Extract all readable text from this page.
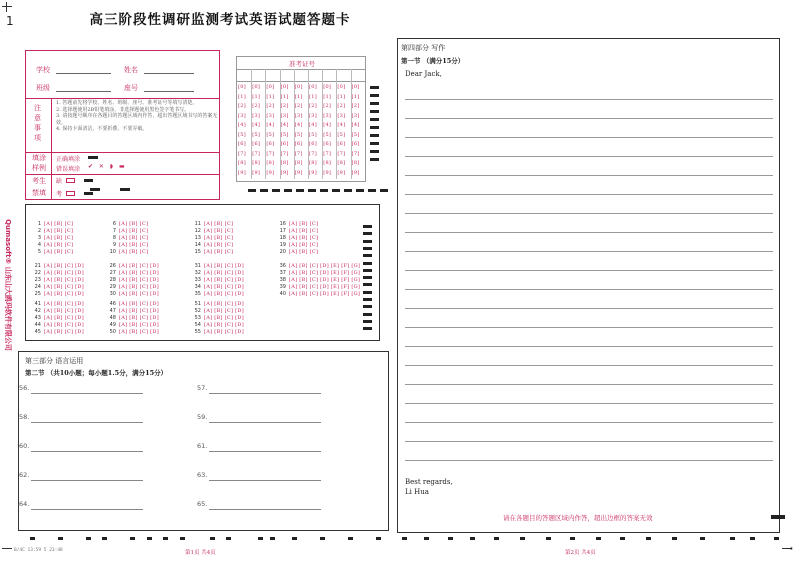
1	高三阶段性调研监测考试英语试题答题卡
学校	姓名
班级	座号
注
意
事
项
1. 答题前先将学校、姓名、班级、座号、准考证号等填写清楚。
2. 选择题使用2B铅笔填涂，非选择题使用黑色签字笔书写。
3. 请按题号顺序在各题目的答题区域内作答，超出答题区域书写的答案无效。
4. 保持卡面清洁，不要折叠、不要弄破。
填涂
样例
正确填涂
错误填涂 ✔ ✕ ◗ ▬
考生
禁填
缺
考
准考证号
[0]
[1]
[2]
[3]
[4]
[5]
[6]
[7]
[8]
[9]
[0]
[1]
[2]
[3]
[4]
[5]
[6]
[7]
[8]
[9]
[0]
[1]
[2]
[3]
[4]
[5]
[6]
[7]
[8]
[9]
[0]
[1]
[2]
[3]
[4]
[5]
[6]
[7]
[8]
[9]
[0]
[1]
[2]
[3]
[4]
[5]
[6]
[7]
[8]
[9]
[0]
[1]
[2]
[3]
[4]
[5]
[6]
[7]
[8]
[9]
[0]
[1]
[2]
[3]
[4]
[5]
[6]
[7]
[8]
[9]
[0]
[1]
[2]
[3]
[4]
[5]
[6]
[7]
[8]
[9]
[0]
[1]
[2]
[3]
[4]
[5]
[6]
[7]
[8]
[9]
Qumasoft® 山东山大鸥玛软件有限公司	1 [A] [B] [C]
2 [A] [B] [C]
3 [A] [B] [C]
4 [A] [B] [C]
5 [A] [B] [C]
6 [A] [B] [C]
7 [A] [B] [C]
8 [A] [B] [C]
9 [A] [B] [C]
10 [A] [B] [C]
11 [A] [B] [C]
12 [A] [B] [C]
13 [A] [B] [C]
14 [A] [B] [C]
15 [A] [B] [C]
16 [A] [B] [C]
17 [A] [B] [C]
18 [A] [B] [C]
19 [A] [B] [C]
20 [A] [B] [C]
21 [A] [B] [C] [D]
22 [A] [B] [C] [D]
23 [A] [B] [C] [D]
24 [A] [B] [C] [D]
25 [A] [B] [C] [D]
26 [A] [B] [C] [D]
27 [A] [B] [C] [D]
28 [A] [B] [C] [D]
29 [A] [B] [C] [D]
30 [A] [B] [C] [D]
31 [A] [B] [C] [D]
32 [A] [B] [C] [D]
33 [A] [B] [C] [D]
34 [A] [B] [C] [D]
35 [A] [B] [C] [D]
36 [A] [B] [C] [D] [E] [F] [G]
37 [A] [B] [C] [D] [E] [F] [G]
38 [A] [B] [C] [D] [E] [F] [G]
39 [A] [B] [C] [D] [E] [F] [G]
40 [A] [B] [C] [D] [E] [F] [G]
41 [A] [B] [C] [D]
42 [A] [B] [C] [D]
43 [A] [B] [C] [D]
44 [A] [B] [C] [D]
45 [A] [B] [C] [D]
46 [A] [B] [C] [D]
47 [A] [B] [C] [D]
48 [A] [B] [C] [D]
49 [A] [B] [C] [D]
50 [A] [B] [C] [D]
51 [A] [B] [C] [D]
52 [A] [B] [C] [D]
53 [A] [B] [C] [D]
54 [A] [B] [C] [D]
55 [A] [B] [C] [D]
第三部分 语言运用
第二节 （共10小题；每小题1.5分，满分15分）
56.	57.
58.	59.
60.	61.
62.	63.
64.	65.
第四部分 写作
第一节 （满分15分）
Dear Jack,
Best regards,
Li Hua
请在各题目的答题区域内作答，超出边框的答案无效
B/4C 13:59 5 23:48	第1页 共4页	第2页 共4页	⇥
